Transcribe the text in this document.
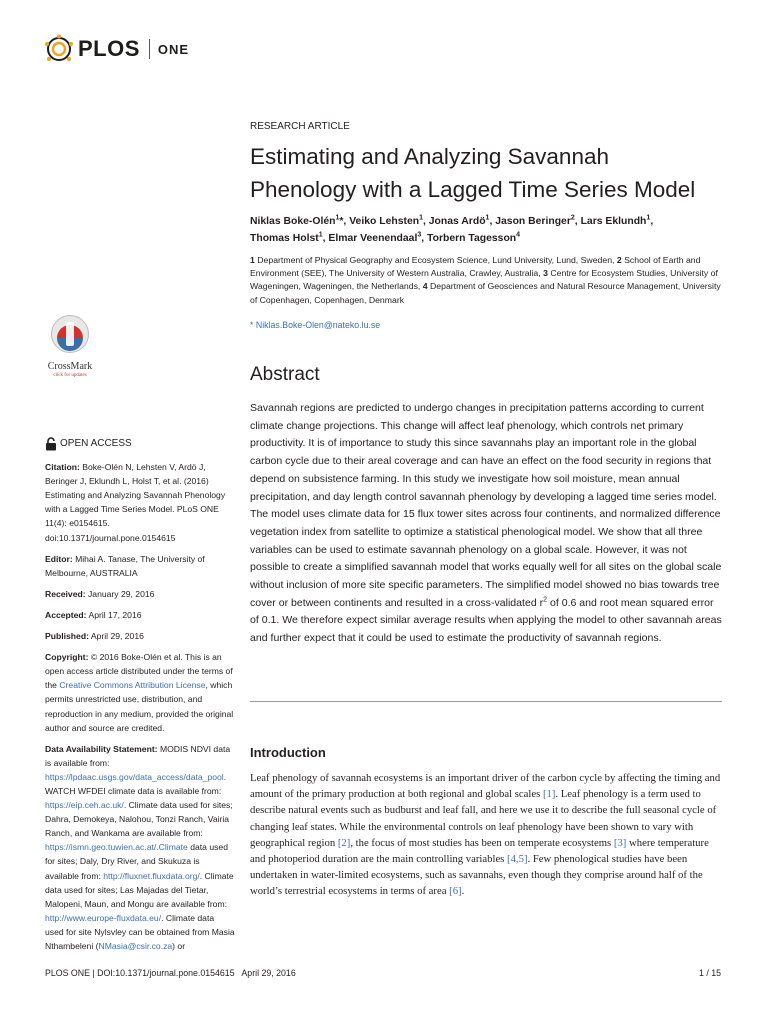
PLOS ONE
CrossMark
click for updates
OPEN ACCESS

Citation: Boke-Olén N, Lehsten V, Ardö J, Beringer J, Eklundh L, Holst T, et al. (2016) Estimating and Analyzing Savannah Phenology with a Lagged Time Series Model. PLoS ONE 11(4): e0154615. doi:10.1371/journal.pone.0154615

Editor: Mihai A. Tanase, The University of Melbourne, AUSTRALIA

Received: January 29, 2016

Accepted: April 17, 2016

Published: April 29, 2016

Copyright: © 2016 Boke-Olén et al. This is an open access article distributed under the terms of the Creative Commons Attribution License, which permits unrestricted use, distribution, and reproduction in any medium, provided the original author and source are credited.

Data Availability Statement: MODIS NDVI data is available from: https://lpdaac.usgs.gov/data_access/data_pool. WATCH WFDEI climate data is available from: https://eip.ceh.ac.uk/. Climate data used for sites; Dahra, Demokeya, Nalohou, Tonzi Ranch, Vairia Ranch, and Wankama are available from: https://ismn.geo.tuwien.ac.at/.Climate data used for sites; Daly, Dry River, and Skukuza is available from: http://fluxnet.fluxdata.org/. Climate data used for sites; Las Majadas del Tietar, Malopeni, Maun, and Mongu are available from: http://www.europe-fluxdata.eu/. Climate data used for site Nylsvley can be obtained from Masia Nthambeleni (NMasia@csir.co.za) or

RESEARCH ARTICLE
Estimating and Analyzing Savannah
Phenology with a Lagged Time Series Model

Niklas Boke-Olén$^1$*, Veiko Lehsten$^1$, Jonas Ardö$^1$, Jason Beringer$^2$, Lars Eklundh$^1$,
Thomas Holst$^1$, Elmar Veenendaal$^3$, Torbern Tagesson$^4$

1 Department of Physical Geography and Ecosystem Science, Lund University, Lund, Sweden, 2 School of Earth and Environment (SEE), The University of Western Australia, Crawley, Australia, 3 Centre for Ecosystem Studies, University of Wageningen, Wageningen, the Netherlands, 4 Department of Geosciences and Natural Resource Management, University of Copenhagen, Copenhagen, Denmark

* Niklas.Boke-Olen@nateko.lu.se
Abstract

Savannah regions are predicted to undergo changes in precipitation patterns according to current climate change projections. This change will affect leaf phenology, which controls net primary productivity. It is of importance to study this since savannahs play an important role in the global carbon cycle due to their areal coverage and can have an effect on the food security in regions that depend on subsistence farming. In this study we investigate how soil moisture, mean annual precipitation, and day length control savannah phenology by developing a lagged time series model. The model uses climate data for 15 flux tower sites across four continents, and normalized difference vegetation index from satellite to optimize a statistical phenological model. We show that all three variables can be used to estimate savannah phenology on a global scale. However, it was not possible to create a simplified savannah model that works equally well for all sites on the global scale without inclusion of more site specific parameters. The simplified model showed no bias towards tree cover or between continents and resulted in a cross-validated $r^2$ of 0.6 and root mean squared error of 0.1. We therefore expect similar average results when applying the model to other savannah areas and further expect that it could be used to estimate the productivity of savannah regions.

Introduction

Leaf phenology of savannah ecosystems is an important driver of the carbon cycle by affecting the timing and amount of the primary production at both regional and global scales [1]. Leaf phenology is a term used to describe natural events such as budburst and leaf fall, and here we use it to describe the full seasonal cycle of changing leaf states. While the environmental controls on leaf phenology have been shown to vary with geographical region [2], the focus of most studies has been on temperate ecosystems [3] where temperature and photoperiod duration are the main controlling variables [4,5]. Few phenological studies have been undertaken in water-limited ecosystems, such as savannahs, even though they comprise around half of the world’s terrestrial ecosystems in terms of area [6].

PLOS ONE | DOI:10.1371/journal.pone.0154615   April 29, 2016	1 / 15
